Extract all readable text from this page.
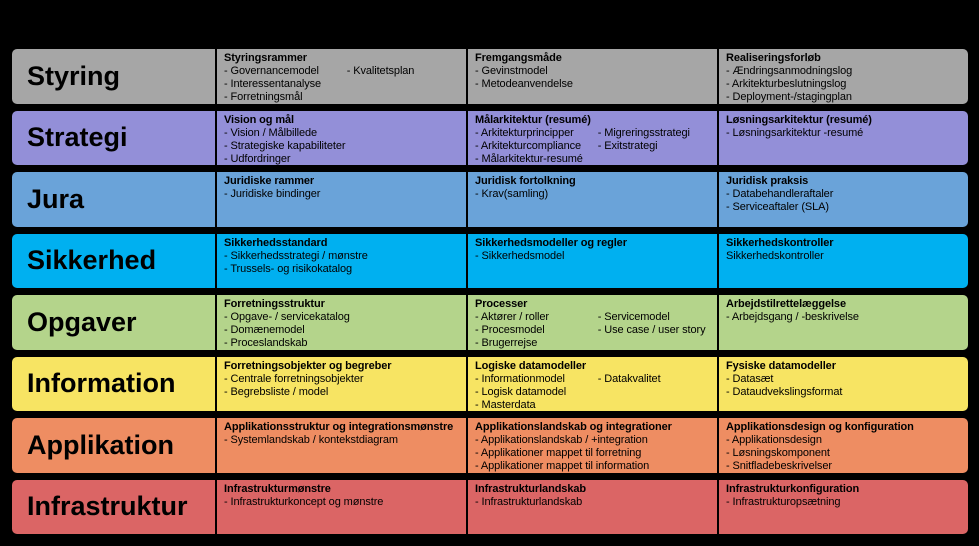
Styring
Styringsrammer
- Governancemodel
- Interessentanalyse
- Forretningsmål
- Kvalitetsplan
Fremgangsmåde
- Gevinstmodel
- Metodeanvendelse
Realiseringsforløb
- Ændringsanmodningslog
- Arkitekturbeslutningslog
- Deployment-/stagingplan
Strategi
Vision og mål
- Vision / Målbillede
- Strategiske kapabiliteter
- Udfordringer
Målarkitektur (resumé)
- Arkitekturprincipper
- Arkitekturcompliance
- Målarkitektur-resumé
- Migreringsstrategi
- Exitstrategi
Løsningsarkitektur (resumé)
- Løsningsarkitektur -resumé
Jura
Juridiske rammer
- Juridiske bindinger
Juridisk fortolkning
- Krav(samling)
Juridisk praksis
- Databehandleraftaler
- Serviceaftaler (SLA)
Sikkerhed
Sikkerhedsstandard
- Sikkerhedsstrategi / mønstre
- Trussels- og risikokatalog
Sikkerhedsmodeller og regler
- Sikkerhedsmodel
Sikkerhedskontroller
Sikkerhedskontroller
Opgaver
Forretningsstruktur
- Opgave- / servicekatalog
- Domænemodel
- Proceslandskab
Processer
- Aktører / roller
- Procesmodel
- Brugerrejse
- Servicemodel
- Use case / user story
Arbejdstilrettelæggelse
- Arbejdsgang / -beskrivelse
Information
Forretningsobjekter og begreber
- Centrale forretningsobjekter
- Begrebsliste / model
Logiske datamodeller
- Informationmodel
- Logisk datamodel
- Masterdata
- Datakvalitet
Fysiske datamodeller
- Datasæt
- Dataudvekslingsformat
Applikation
Applikationsstruktur og integrationsmønstre
- Systemlandskab / kontekstdiagram
Applikationslandskab og integrationer
- Applikationslandskab / +integration
- Applikationer mappet til forretning
- Applikationer mappet til information
Applikationsdesign og konfiguration
- Applikationsdesign
- Løsningskomponent
- Snitfladebeskrivelser
Infrastruktur
Infrastrukturmønstre
- Infrastrukturkoncept og mønstre
Infrastrukturlandskab
- Infrastrukturlandskab
Infrastrukturkonfiguration
- Infrastrukturopsætning
